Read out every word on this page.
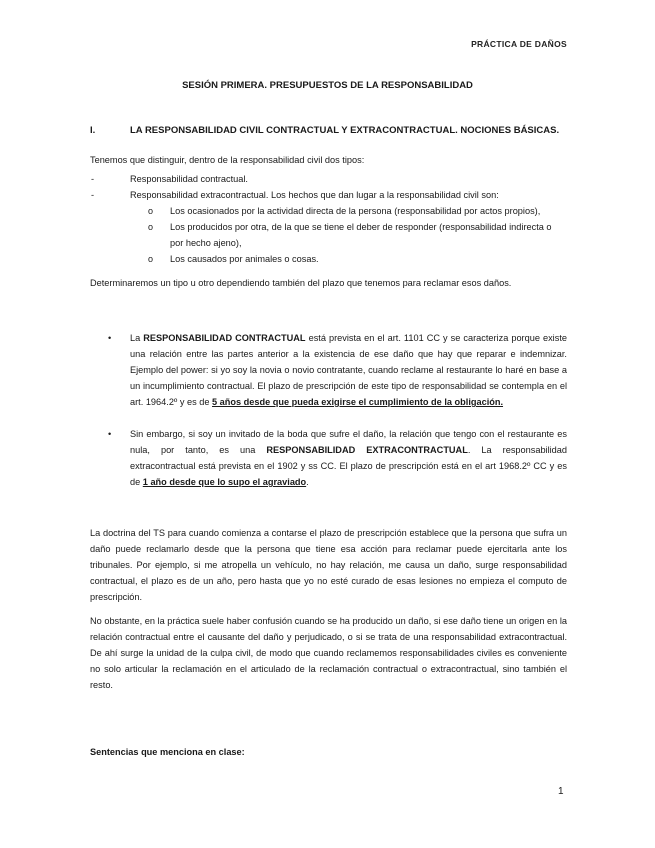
PRÁCTICA DE DAÑOS
SESIÓN PRIMERA. PRESUPUESTOS DE LA RESPONSABILIDAD
I.	LA RESPONSABILIDAD CIVIL CONTRACTUAL Y EXTRACONTRACTUAL. NOCIONES BÁSICAS.

Tenemos que distinguir, dentro de la responsabilidad civil dos tipos:

-	Responsabilidad contractual.
-	Responsabilidad extracontractual. Los hechos que dan lugar a la responsabilidad civil son:
o Los ocasionados por la actividad directa de la persona (responsabilidad por actos propios),
o Los producidos por otra, de la que se tiene el deber de responder (responsabilidad indirecta o por hecho ajeno),
o Los causados por animales o cosas.

Determinaremos un tipo u otro dependiendo también del plazo que tenemos para reclamar esos daños.

• La RESPONSABILIDAD CONTRACTUAL está prevista en el art. 1101 CC y se caracteriza porque existe una relación entre las partes anterior a la existencia de ese daño que hay que reparar e indemnizar. Ejemplo del power: si yo soy la novia o novio contratante, cuando reclame al restaurante lo haré en base a un incumplimiento contractual. El plazo de prescripción de este tipo de responsabilidad se contempla en el art. 1964.2º y es de 5 años desde que pueda exigirse el cumplimiento de la obligación.

• Sin embargo, si soy un invitado de la boda que sufre el daño, la relación que tengo con el restaurante es nula, por tanto, es una RESPONSABILIDAD EXTRACONTRACTUAL. La responsabilidad extracontractual está prevista en el 1902 y ss CC. El plazo de prescripción está en el art 1968.2º CC y es de 1 año desde que lo supo el agraviado.

La doctrina del TS para cuando comienza a contarse el plazo de prescripción establece que la persona que sufra un daño puede reclamarlo desde que la persona que tiene esa acción para reclamar puede ejercitarla ante los tribunales. Por ejemplo, si me atropella un vehículo, no hay relación, me causa un daño, surge responsabilidad contractual, el plazo es de un año, pero hasta que yo no esté curado de esas lesiones no empieza el computo de prescripción.

No obstante, en la práctica suele haber confusión cuando se ha producido un daño, si ese daño tiene un origen en la relación contractual entre el causante del daño y perjudicado, o si se trata de una responsabilidad extracontractual. De ahí surge la unidad de la culpa civil, de modo que cuando reclamemos responsabilidades civiles es conveniente no solo articular la reclamación en el articulado de la reclamación contractual o extracontractual, sino también el resto.

Sentencias que menciona en clase:

1
